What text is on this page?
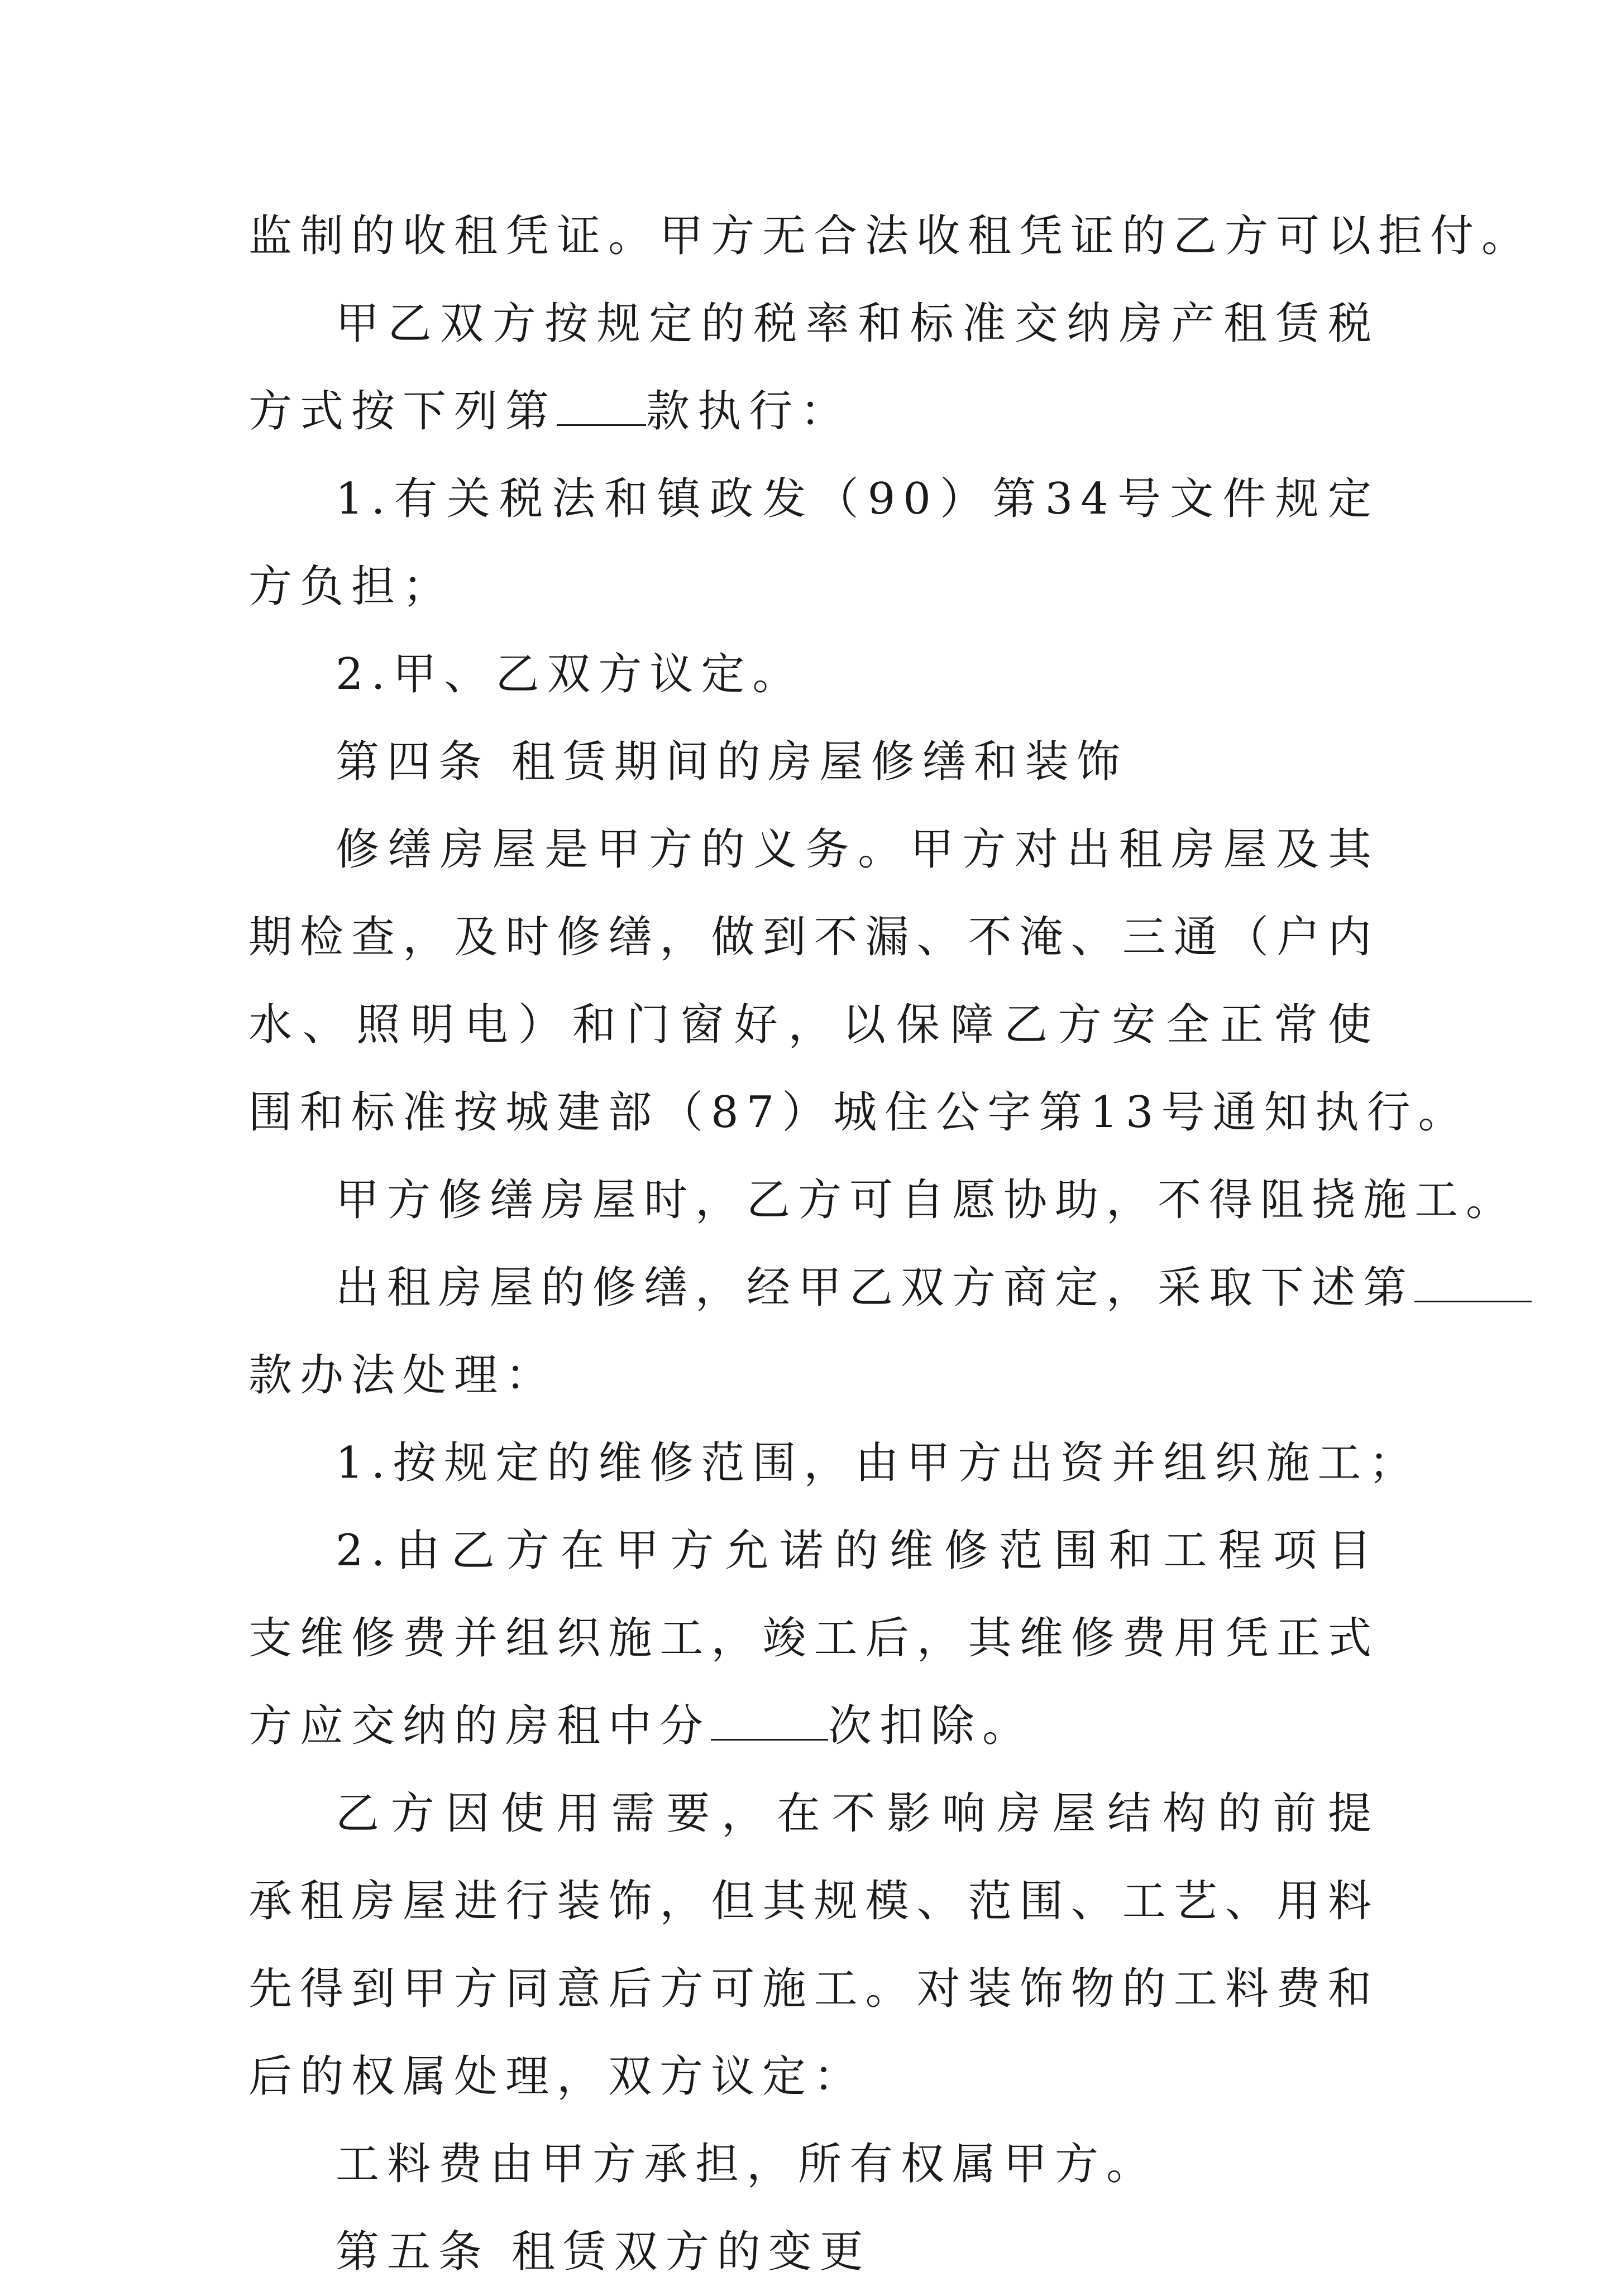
监制的收租凭证。甲方无合法收租凭证的乙方可以拒付。
甲乙双方按规定的税率和标准交纳房产租赁税
方式按下列第 款执行：
1.有关税法和镇政发（90）第34号文件规定
方负担；
2.甲、乙双方议定。
第四条 租赁期间的房屋修缮和装饰
修缮房屋是甲方的义务。甲方对出租房屋及其
期检查，及时修缮，做到不漏、不淹、三通（户内
水、照明电）和门窗好，以保障乙方安全正常使
围和标准按城建部（87）城住公字第13号通知执行。
甲方修缮房屋时，乙方可自愿协助，不得阻挠施工。
出租房屋的修缮，经甲乙双方商定，采取下述第
款办法处理：
1.按规定的维修范围，由甲方出资并组织施工；
2.由乙方在甲方允诺的维修范围和工程项目
支维修费并组织施工，竣工后，其维修费用凭正式
方应交纳的房租中分	次扣除。
乙方因使用需要，在不影响房屋结构的前提
承租房屋进行装饰，但其规模、范围、工艺、用料
先得到甲方同意后方可施工。对装饰物的工料费和
后的权属处理，双方议定：
工料费由甲方承担，所有权属甲方。
第五条 租赁双方的变更
